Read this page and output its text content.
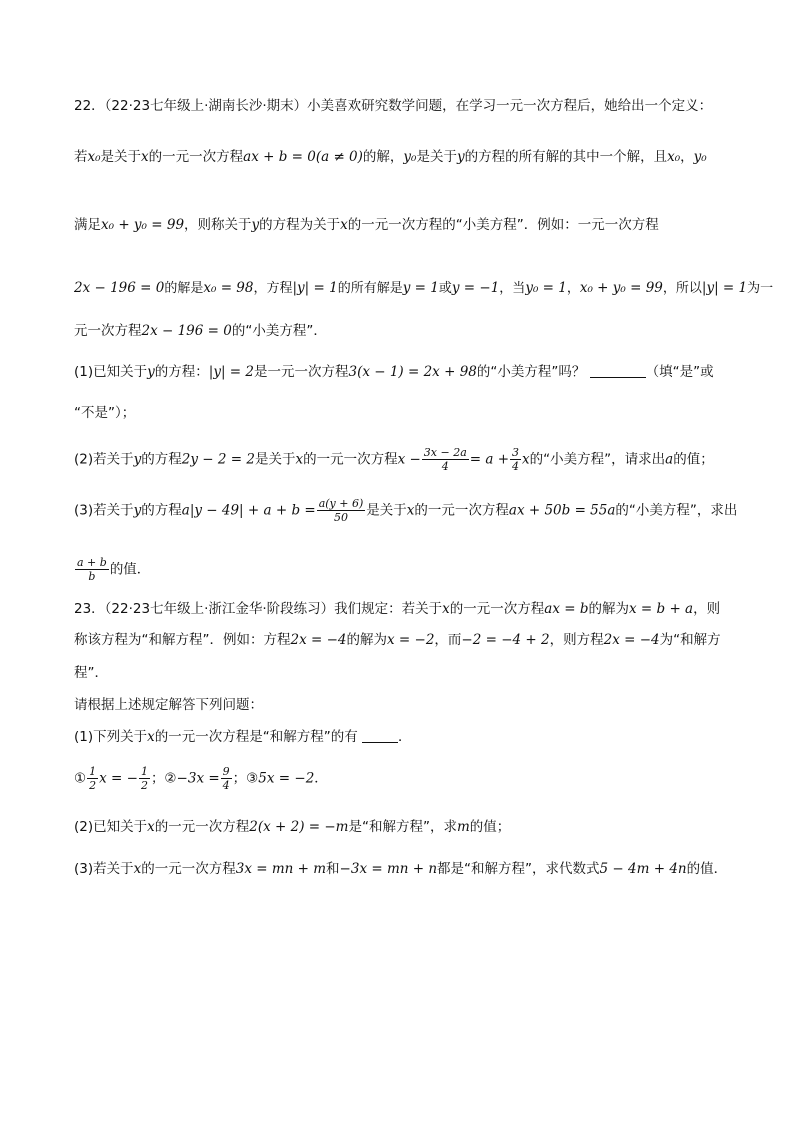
22．（22·23七年级上·湖南长沙·期末）小美喜欢研究数学问题，在学习一元一次方程后，她给出一个定义：
若x₀是关于x的一元一次方程ax + b = 0(a ≠ 0)的解，y₀是关于y的方程的所有解的其中一个解，且x₀，y₀
满足x₀ + y₀ = 99，则称关于y的方程为关于x的一元一次方程的“小美方程”．例如：一元一次方程
2x − 196 = 0的解是x₀ = 98，方程|y| = 1的所有解是y = 1或y = −1，当y₀ = 1，x₀ + y₀ = 99，所以|y| = 1为一
元一次方程2x − 196 = 0的“小美方程”．
(1)已知关于y的方程：|y| = 2是一元一次方程3(x − 1) = 2x + 98的“小美方程”吗？	（填“是”或
“不是”）；
(2)若关于y的方程2y − 2 = 2是关于x的一元一次方程$x - \frac{3x - 2a}{4} = a + \frac{3}{4}$ x的“小美方程”，请求出a的值；
(3)若关于y的方程$a|y - 49| + a + b = \frac{a(y + 6)}{50}$ 是关于x的一元一次方程ax + 50b = 55a的“小美方程”，求出
$\frac{a + b}{b}$ 的值．
23．（22·23七年级上·浙江金华·阶段练习）我们规定：若关于x的一元一次方程ax = b的解为x = b + a，则
称该方程为“和解方程”．例如：方程2x = −4的解为x = −2，而−2 = −4 + 2，则方程2x = −4为“和解方
程”．
请根据上述规定解答下列问题：
(1)下列关于x的一元一次方程是“和解方程”的有	．
① $\frac{1}{2}$ x = − $\frac{1}{2}$ ；②−3x = $\frac{9}{4}$ ；③5x = −2．
(2)已知关于x的一元一次方程2(x + 2) = −m是“和解方程”，求m的值；
(3)若关于x的一元一次方程3x = mn + m和−3x = mn + n都是“和解方程”，求代数式5 − 4m + 4n的值．
